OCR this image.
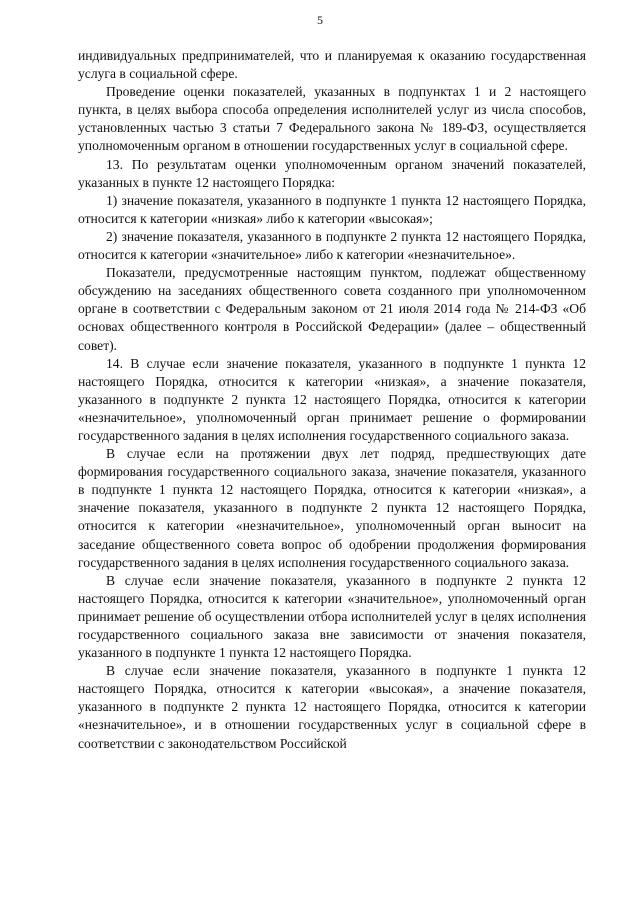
5

индивидуальных предпринимателей, что и планируемая к оказанию государственная услуга в социальной сфере.

Проведение оценки показателей, указанных в подпунктах 1 и 2 настоящего пункта, в целях выбора способа определения исполнителей услуг из числа способов, установленных частью 3 статьи 7 Федерального закона № 189-ФЗ, осуществляется уполномоченным органом в отношении государственных услуг в социальной сфере.

13. По результатам оценки уполномоченным органом значений показателей, указанных в пункте 12 настоящего Порядка:

1) значение показателя, указанного в подпункте 1 пункта 12 настоящего Порядка, относится к категории «низкая» либо к категории «высокая»;

2) значение показателя, указанного в подпункте 2 пункта 12 настоящего Порядка, относится к категории «значительное» либо к категории «незначительное».

Показатели, предусмотренные настоящим пунктом, подлежат общественному обсуждению на заседаниях общественного совета созданного при уполномоченном органе в соответствии с Федеральным законом от 21 июля 2014 года № 214-ФЗ «Об основах общественного контроля в Российской Федерации» (далее – общественный совет).

14. В случае если значение показателя, указанного в подпункте 1 пункта 12 настоящего Порядка, относится к категории «низкая», а значение показателя, указанного в подпункте 2 пункта 12 настоящего Порядка, относится к категории «незначительное», уполномоченный орган принимает решение о формировании государственного задания в целях исполнения государственного социального заказа.

В случае если на протяжении двух лет подряд, предшествующих дате формирования государственного социального заказа, значение показателя, указанного в подпункте 1 пункта 12 настоящего Порядка, относится к категории «низкая», а значение показателя, указанного в подпункте 2 пункта 12 настоящего Порядка, относится к категории «незначительное», уполномоченный орган выносит на заседание общественного совета вопрос об одобрении продолжения формирования государственного задания в целях исполнения государственного социального заказа.

В случае если значение показателя, указанного в подпункте 2 пункта 12 настоящего Порядка, относится к категории «значительное», уполномоченный орган принимает решение об осуществлении отбора исполнителей услуг в целях исполнения государственного социального заказа вне зависимости от значения показателя, указанного в подпункте 1 пункта 12 настоящего Порядка.

В случае если значение показателя, указанного в подпункте 1 пункта 12 настоящего Порядка, относится к категории «высокая», а значение показателя, указанного в подпункте 2 пункта 12 настоящего Порядка, относится к категории «незначительное», и в отношении государственных услуг в социальной сфере в соответствии с законодательством Российской
